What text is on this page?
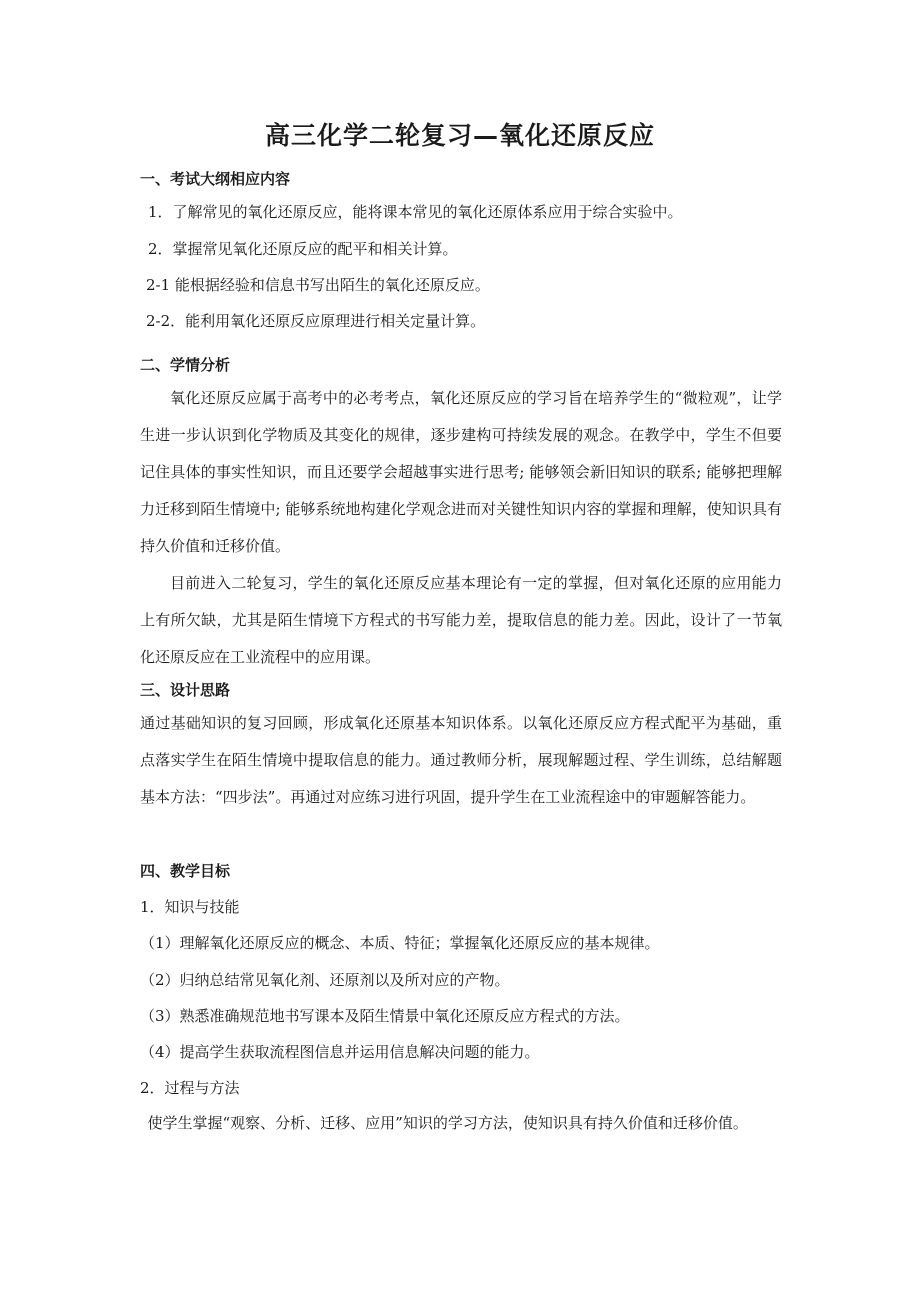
高三化学二轮复习—氧化还原反应
一、考试大纲相应内容
1．了解常见的氧化还原反应，能将课本常见的氧化还原体系应用于综合实验中。
2．掌握常见氧化还原反应的配平和相关计算。
2-1 能根据经验和信息书写出陌生的氧化还原反应。
2-2．能利用氧化还原反应原理进行相关定量计算。
二、学情分析

氧化还原反应属于高考中的必考考点，氧化还原反应的学习旨在培养学生的“微粒观”，让学生进一步认识到化学物质及其变化的规律，逐步建构可持续发展的观念。在教学中，学生不但要记住具体的事实性知识，而且还要学会超越事实进行思考; 能够领会新旧知识的联系; 能够把理解力迁移到陌生情境中; 能够系统地构建化学观念进而对关键性知识内容的掌握和理解，使知识具有持久价值和迁移价值。

目前进入二轮复习，学生的氧化还原反应基本理论有一定的掌握，但对氧化还原的应用能力上有所欠缺，尤其是陌生情境下方程式的书写能力差，提取信息的能力差。因此，设计了一节氧化还原反应在工业流程中的应用课。

三、设计思路

通过基础知识的复习回顾，形成氧化还原基本知识体系。以氧化还原反应方程式配平为基础，重点落实学生在陌生情境中提取信息的能力。通过教师分析，展现解题过程、学生训练，总结解题基本方法：“四步法”。再通过对应练习进行巩固，提升学生在工业流程途中的审题解答能力。

四、教学目标
1．知识与技能
（1）理解氧化还原反应的概念、本质、特征；掌握氧化还原反应的基本规律。
（2）归纳总结常见氧化剂、还原剂以及所对应的产物。
（3）熟悉准确规范地书写课本及陌生情景中氧化还原反应方程式的方法。
（4）提高学生获取流程图信息并运用信息解决问题的能力。
2．过程与方法

使学生掌握“观察、分析、迁移、应用”知识的学习方法，使知识具有持久价值和迁移价值。
